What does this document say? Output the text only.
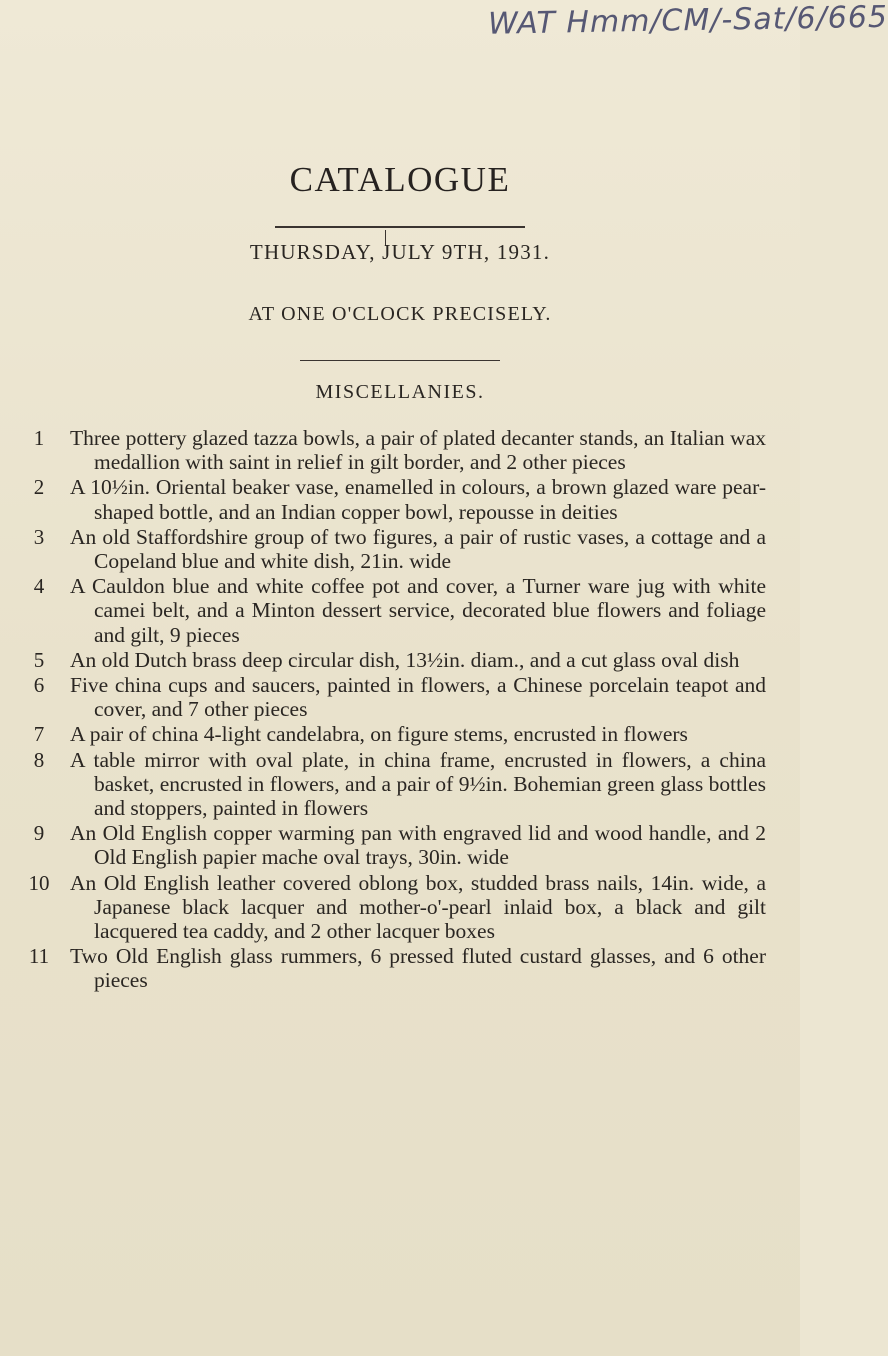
WAT Hmm/CM/-Sat/6/665
CATALOGUE
THURSDAY, JULY 9TH, 1931.
AT ONE O'CLOCK PRECISELY.
MISCELLANIES.
1	Three pottery glazed tazza bowls, a pair of plated decanter stands, an Italian wax medallion with saint in relief in gilt border, and 2 other pieces
2	A 10½in. Oriental beaker vase, enamelled in colours, a brown glazed ware pear-shaped bottle, and an Indian copper bowl, repousse in deities
3	An old Staffordshire group of two figures, a pair of rustic vases, a cottage and a Copeland blue and white dish, 21in. wide
4	A Cauldon blue and white coffee pot and cover, a Turner ware jug with white camei belt, and a Minton dessert service, decorated blue flowers and foliage and gilt, 9 pieces
5	An old Dutch brass deep circular dish, 13½in. diam., and a cut glass oval dish
6	Five china cups and saucers, painted in flowers, a Chinese porcelain teapot and cover, and 7 other pieces
7	A pair of china 4-light candelabra, on figure stems, encrusted in flowers
8	A table mirror with oval plate, in china frame, encrusted in flowers, a china basket, encrusted in flowers, and a pair of 9½in. Bohemian green glass bottles and stoppers, painted in flowers
9	An Old English copper warming pan with engraved lid and wood handle, and 2 Old English papier mache oval trays, 30in. wide
10 An Old English leather covered oblong box, studded brass nails, 14in. wide, a Japanese black lacquer and mother-o'-pearl inlaid box, a black and gilt lacquered tea caddy, and 2 other lacquer boxes
11 Two Old English glass rummers, 6 pressed fluted custard glasses, and 6 other pieces
